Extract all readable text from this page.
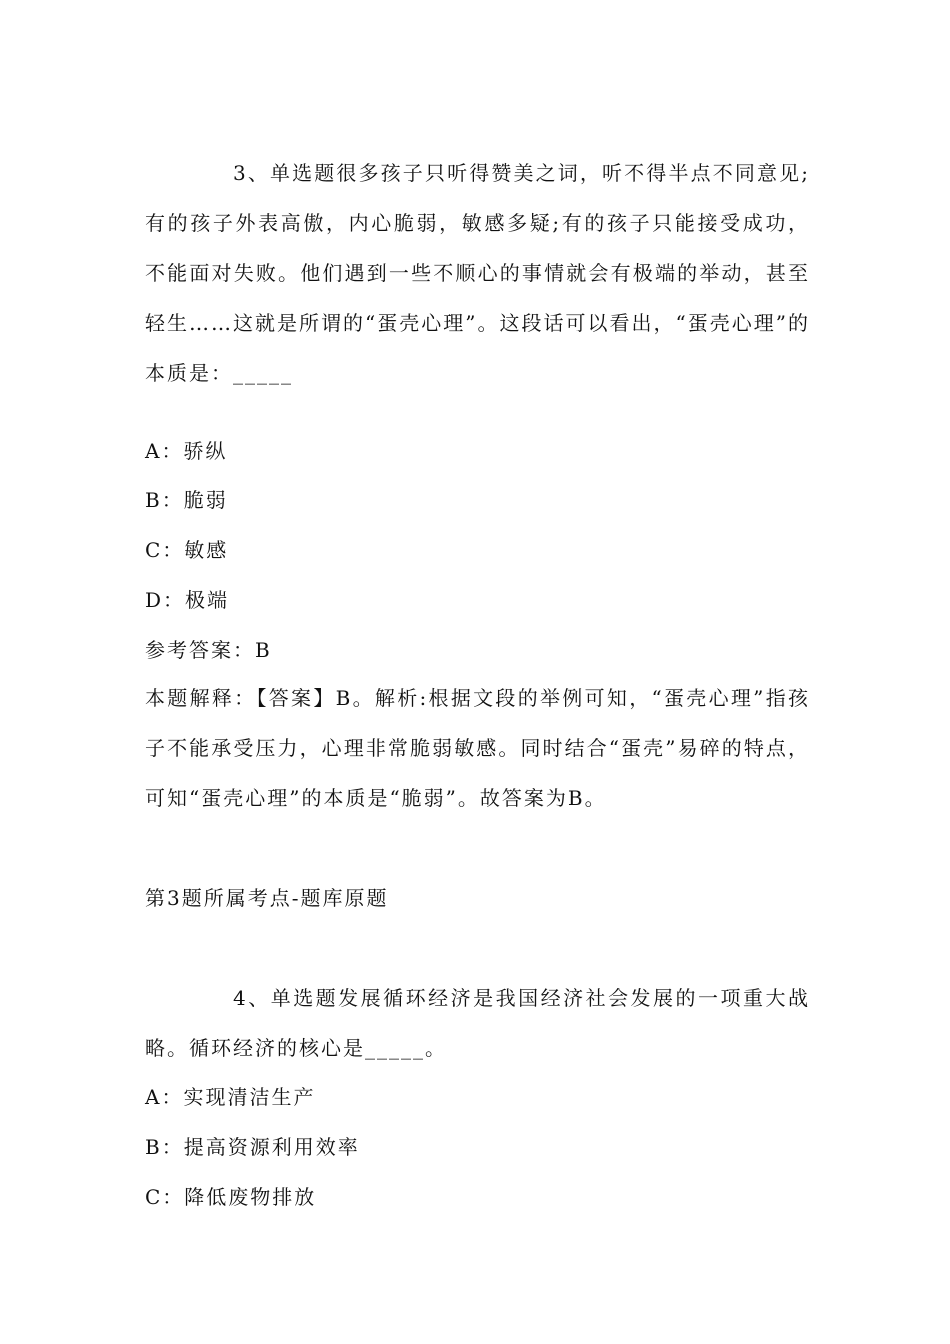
3、单选题很多孩子只听得赞美之词，听不得半点不同意见;有的孩子外表高傲，内心脆弱，敏感多疑;有的孩子只能接受成功，不能面对失败。他们遇到一些不顺心的事情就会有极端的举动，甚至轻生……这就是所谓的“蛋壳心理”。这段话可以看出，“蛋壳心理”的本质是：_____

A：骄纵

B：脆弱

C：敏感

D：极端

参考答案：B

本题解释：【答案】B。解析:根据文段的举例可知，“蛋壳心理”指孩子不能承受压力，心理非常脆弱敏感。同时结合“蛋壳”易碎的特点，可知“蛋壳心理”的本质是“脆弱”。故答案为B。

第3题所属考点-题库原题

4、单选题发展循环经济是我国经济社会发展的一项重大战略。循环经济的核心是_____。

A：实现清洁生产

B：提高资源利用效率

C：降低废物排放
